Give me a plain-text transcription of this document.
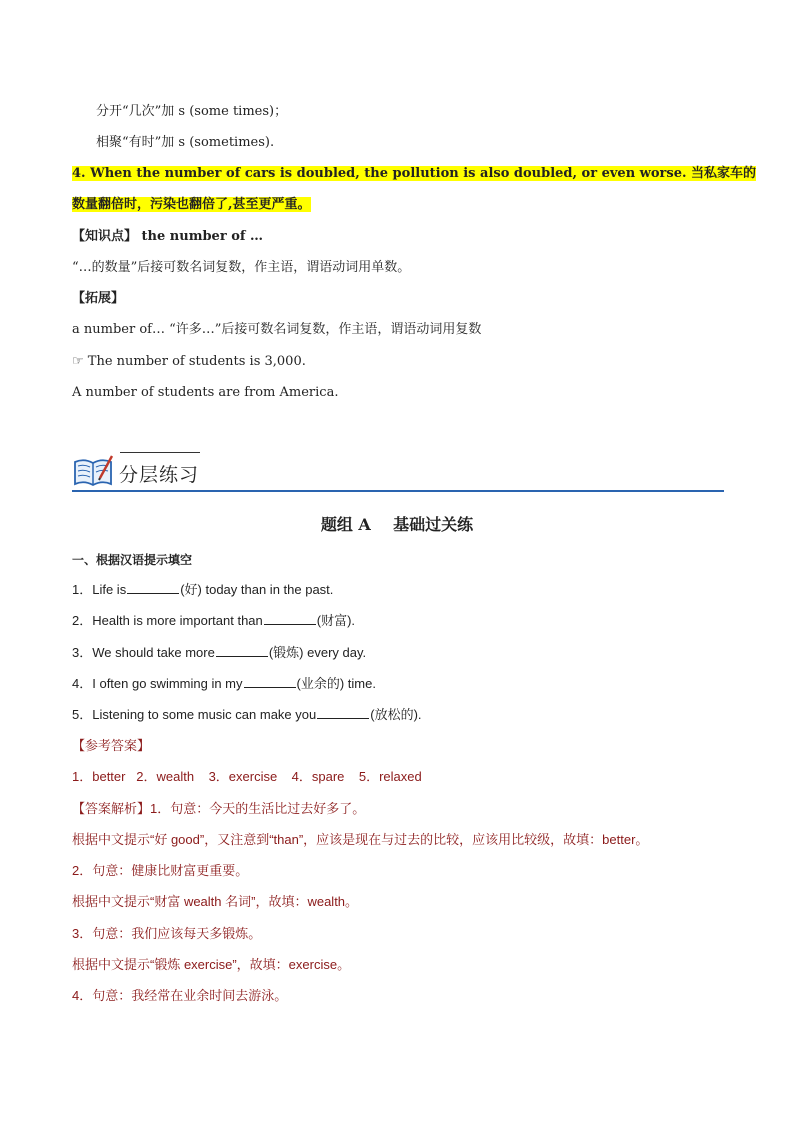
分开“几次”加 s (some times)；
相聚“有时”加 s (sometimes).
4. When the number of cars is doubled, the pollution is also doubled, or even worse. 当私家车的
数量翻倍时，污染也翻倍了,甚至更严重。
【知识点】 the number of …
“…的数量”后接可数名词复数，作主语，谓语动词用单数。
【拓展】
a number of… “许多…”后接可数名词复数，作主语，谓语动词用复数
☞ The number of students is 3,000.
A number of students are from America.
分层练习
题组 A    基础过关练
一、根据汉语提示填空
1．Life is	(好) today than in the past.
2．Health is more important than	(财富).
3．We should take more	(锻炼) every day.
4．I often go swimming in my	(业余的) time.
5．Listening to some music can make you	(放松的).
【参考答案】
1．better   2．wealth    3．exercise    4．spare    5．relaxed
【答案解析】1．句意：今天的生活比过去好多了。
根据中文提示“好 good”，又注意到“than”，应该是现在与过去的比较，应该用比较级，故填：better。
2．句意：健康比财富更重要。
根据中文提示“财富 wealth 名词”，故填：wealth。
3．句意：我们应该每天多锻炼。
根据中文提示“锻炼 exercise”，故填：exercise。
4．句意：我经常在业余时间去游泳。
